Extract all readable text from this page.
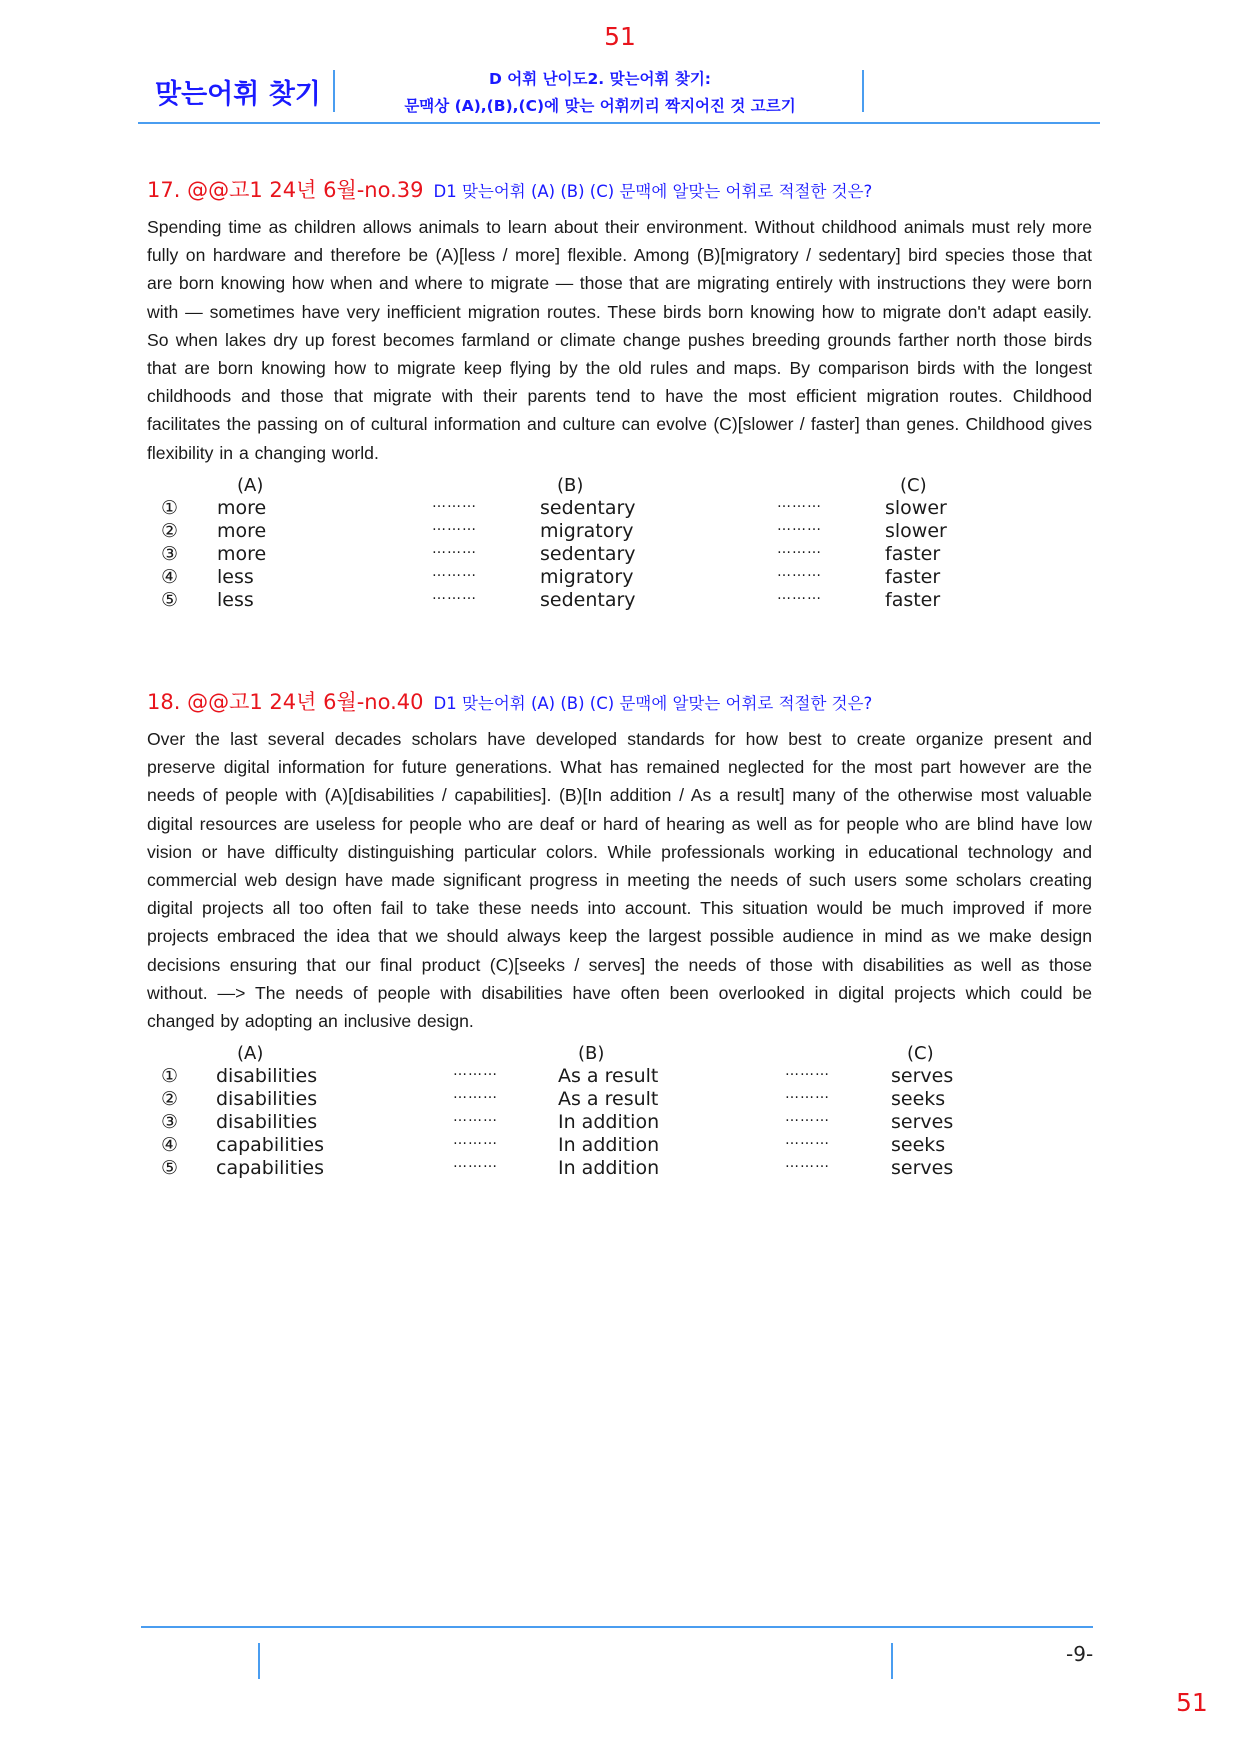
51
맞는어휘 찾기	D 어휘 난이도2. 맞는어휘 찾기:
문맥상 (A),(B),(C)에 맞는 어휘끼리 짝지어진 것 고르기
17. @@고1 24년 6월-no.39 D1 맞는어휘 (A) (B) (C) 문맥에 알맞는 어휘로 적절한 것은?
Spending time as children allows animals to learn about their environment. Without childhood animals must rely more fully on hardware and therefore be (A)[less / more] flexible. Among (B)[migratory / sedentary] bird species those that are born knowing how when and where to migrate — those that are migrating entirely with instructions they were born with — sometimes have very inefficient migration routes. These birds born knowing how to migrate don't adapt easily. So when lakes dry up forest becomes farmland or climate change pushes breeding grounds farther north those birds that are born knowing how to migrate keep flying by the old rules and maps. By comparison birds with the longest childhoods and those that migrate with their parents tend to have the most efficient migration routes. Childhood facilitates the passing on of cultural information and culture can evolve (C)[slower / faster] than genes. Childhood gives flexibility in a changing world.
(A)	(B)	(C)
① more	………	sedentary	………	slower
② more	………	migratory	………	slower
③ more	………	sedentary	………	faster
④ less	………	migratory	………	faster
⑤ less	………	sedentary	………	faster
18. @@고1 24년 6월-no.40 D1 맞는어휘 (A) (B) (C) 문맥에 알맞는 어휘로 적절한 것은?
Over the last several decades scholars have developed standards for how best to create organize present and preserve digital information for future generations. What has remained neglected for the most part however are the needs of people with (A)[disabilities / capabilities]. (B)[In addition / As a result] many of the otherwise most valuable digital resources are useless for people who are deaf or hard of hearing as well as for people who are blind have low vision or have difficulty distinguishing particular colors. While professionals working in educational technology and commercial web design have made significant progress in meeting the needs of such users some scholars creating digital projects all too often fail to take these needs into account. This situation would be much improved if more projects embraced the idea that we should always keep the largest possible audience in mind as we make design decisions ensuring that our final product (C)[seeks / serves] the needs of those with disabilities as well as those without. —> The needs of people with disabilities have often been overlooked in digital projects which could be changed by adopting an inclusive design.
(A)	(B)	(C)
① disabilities	………	As a result	………	serves
② disabilities	………	As a result	………	seeks
③ disabilities	………	In addition	………	serves
④ capabilities	………	In addition	………	seeks
⑤ capabilities	………	In addition	………	serves
-9-
51
